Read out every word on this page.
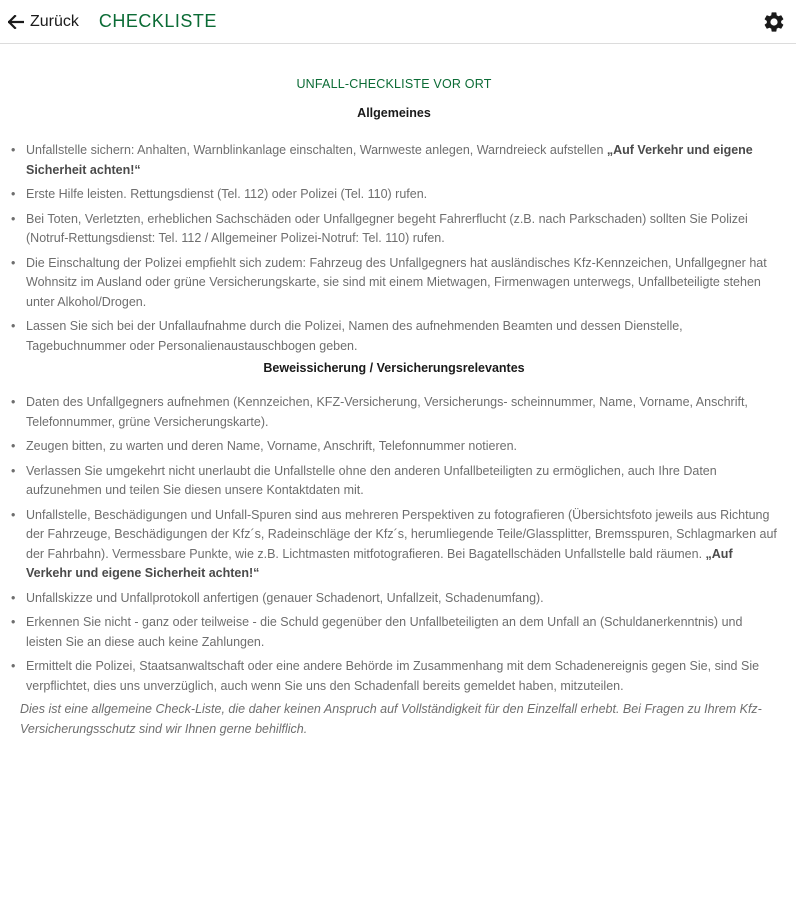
Zurück CHECKLISTE
UNFALL-CHECKLISTE VOR ORT
Allgemeines
• Unfallstelle sichern: Anhalten, Warnblinkanlage einschalten, Warnweste anlegen, Warndreieck aufstellen „Auf Verkehr und eigene Sicherheit achten!“
• Erste Hilfe leisten. Rettungsdienst (Tel. 112) oder Polizei (Tel. 110) rufen.
• Bei Toten, Verletzten, erheblichen Sachschäden oder Unfallgegner begeht Fahrerflucht (z.B. nach Parkschaden) sollten Sie Polizei (Notruf-Rettungsdienst: Tel. 112 / Allgemeiner Polizei-Notruf: Tel. 110) rufen.
• Die Einschaltung der Polizei empfiehlt sich zudem: Fahrzeug des Unfallgegners hat ausländisches Kfz-Kennzeichen, Unfallgegner hat Wohnsitz im Ausland oder grüne Versicherungskarte, sie sind mit einem Mietwagen, Firmenwagen unterwegs, Unfallbeteiligte stehen unter Alkohol/Drogen.
• Lassen Sie sich bei der Unfallaufnahme durch die Polizei, Namen des aufnehmenden Beamten und dessen Dienstelle, Tagebuchnummer oder Personalienaustauschbogen geben.
Beweissicherung / Versicherungsrelevantes
• Daten des Unfallgegners aufnehmen (Kennzeichen, KFZ-Versicherung, Versicherungs- scheinnummer, Name, Vorname, Anschrift, Telefonnummer, grüne Versicherungskarte).
• Zeugen bitten, zu warten und deren Name, Vorname, Anschrift, Telefonnummer notieren.
• Verlassen Sie umgekehrt nicht unerlaubt die Unfallstelle ohne den anderen Unfallbeteiligten zu ermöglichen, auch Ihre Daten aufzunehmen und teilen Sie diesen unsere Kontaktdaten mit.
• Unfallstelle, Beschädigungen und Unfall-Spuren sind aus mehreren Perspektiven zu fotografieren (Übersichtsfoto jeweils aus Richtung der Fahrzeuge, Beschädigungen der Kfz´s, Radeinschläge der Kfz´s, herumliegende Teile/Glassplitter, Bremsspuren, Schlagmarken auf der Fahrbahn). Vermessbare Punkte, wie z.B. Lichtmasten mitfotografieren. Bei Bagatellschäden Unfallstelle bald räumen. „Auf Verkehr und eigene Sicherheit achten!“
• Unfallskizze und Unfallprotokoll anfertigen (genauer Schadenort, Unfallzeit, Schadenumfang).
• Erkennen Sie nicht - ganz oder teilweise - die Schuld gegenüber den Unfallbeteiligten an dem Unfall an (Schuldanerkenntnis) und leisten Sie an diese auch keine Zahlungen.
• Ermittelt die Polizei, Staatsanwaltschaft oder eine andere Behörde im Zusammenhang mit dem Schadenereignis gegen Sie, sind Sie verpflichtet, dies uns unverzüglich, auch wenn Sie uns den Schadenfall bereits gemeldet haben, mitzuteilen.
Dies ist eine allgemeine Check-Liste, die daher keinen Anspruch auf Vollständigkeit für den Einzelfall erhebt. Bei Fragen zu Ihrem Kfz-Versicherungsschutz sind wir Ihnen gerne behilflich.
